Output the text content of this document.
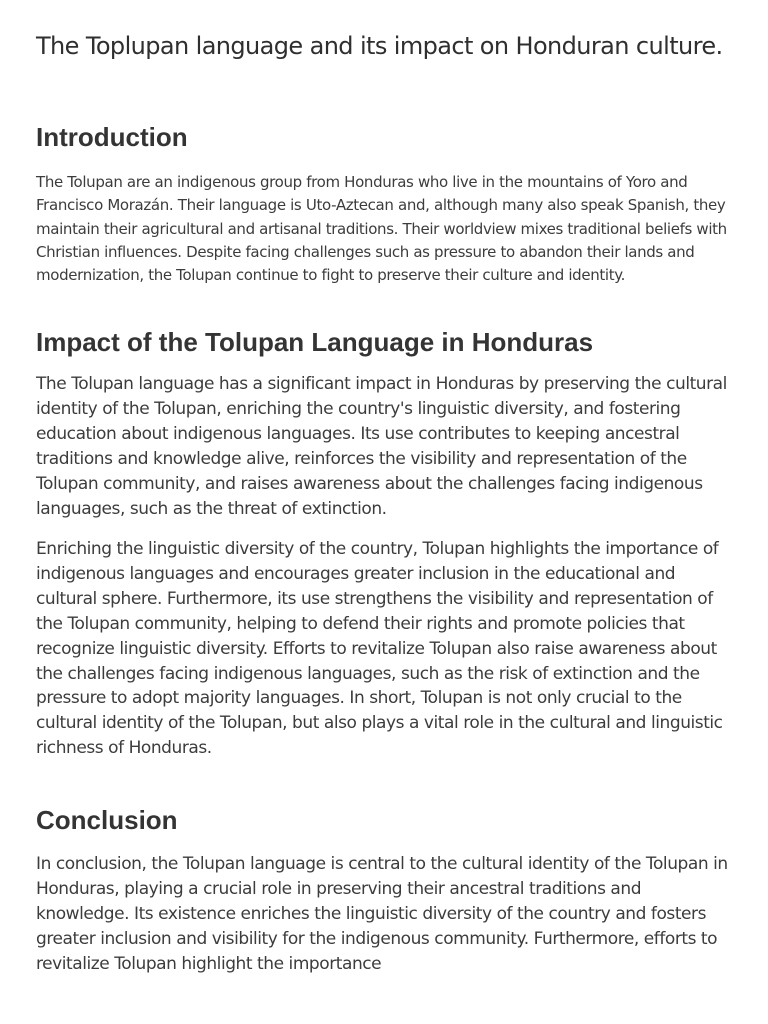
The Toplupan language and its impact on Honduran culture.
Introduction

The Tolupan are an indigenous group from Honduras who live in the mountains of Yoro and Francisco Morazán. Their language is Uto-Aztecan and, although many also speak Spanish, they maintain their agricultural and artisanal traditions. Their worldview mixes traditional beliefs with Christian influences. Despite facing challenges such as pressure to abandon their lands and modernization, the Tolupan continue to fight to preserve their culture and identity.

Impact of the Tolupan Language in Honduras

The Tolupan language has a significant impact in Honduras by preserving the cultural identity of the Tolupan, enriching the country's linguistic diversity, and fostering education about indigenous languages. Its use contributes to keeping ancestral traditions and knowledge alive, reinforces the visibility and representation of the Tolupan community, and raises awareness about the challenges facing indigenous languages, such as the threat of extinction.

Enriching the linguistic diversity of the country, Tolupan highlights the importance of indigenous languages and encourages greater inclusion in the educational and cultural sphere. Furthermore, its use strengthens the visibility and representation of the Tolupan community, helping to defend their rights and promote policies that recognize linguistic diversity. Efforts to revitalize Tolupan also raise awareness about the challenges facing indigenous languages, such as the risk of extinction and the pressure to adopt majority languages. In short, Tolupan is not only crucial to the cultural identity of the Tolupan, but also plays a vital role in the cultural and linguistic richness of Honduras.

Conclusion

In conclusion, the Tolupan language is central to the cultural identity of the Tolupan in Honduras, playing a crucial role in preserving their ancestral traditions and knowledge. Its existence enriches the linguistic diversity of the country and fosters greater inclusion and visibility for the indigenous community. Furthermore, efforts to revitalize Tolupan highlight the importance
